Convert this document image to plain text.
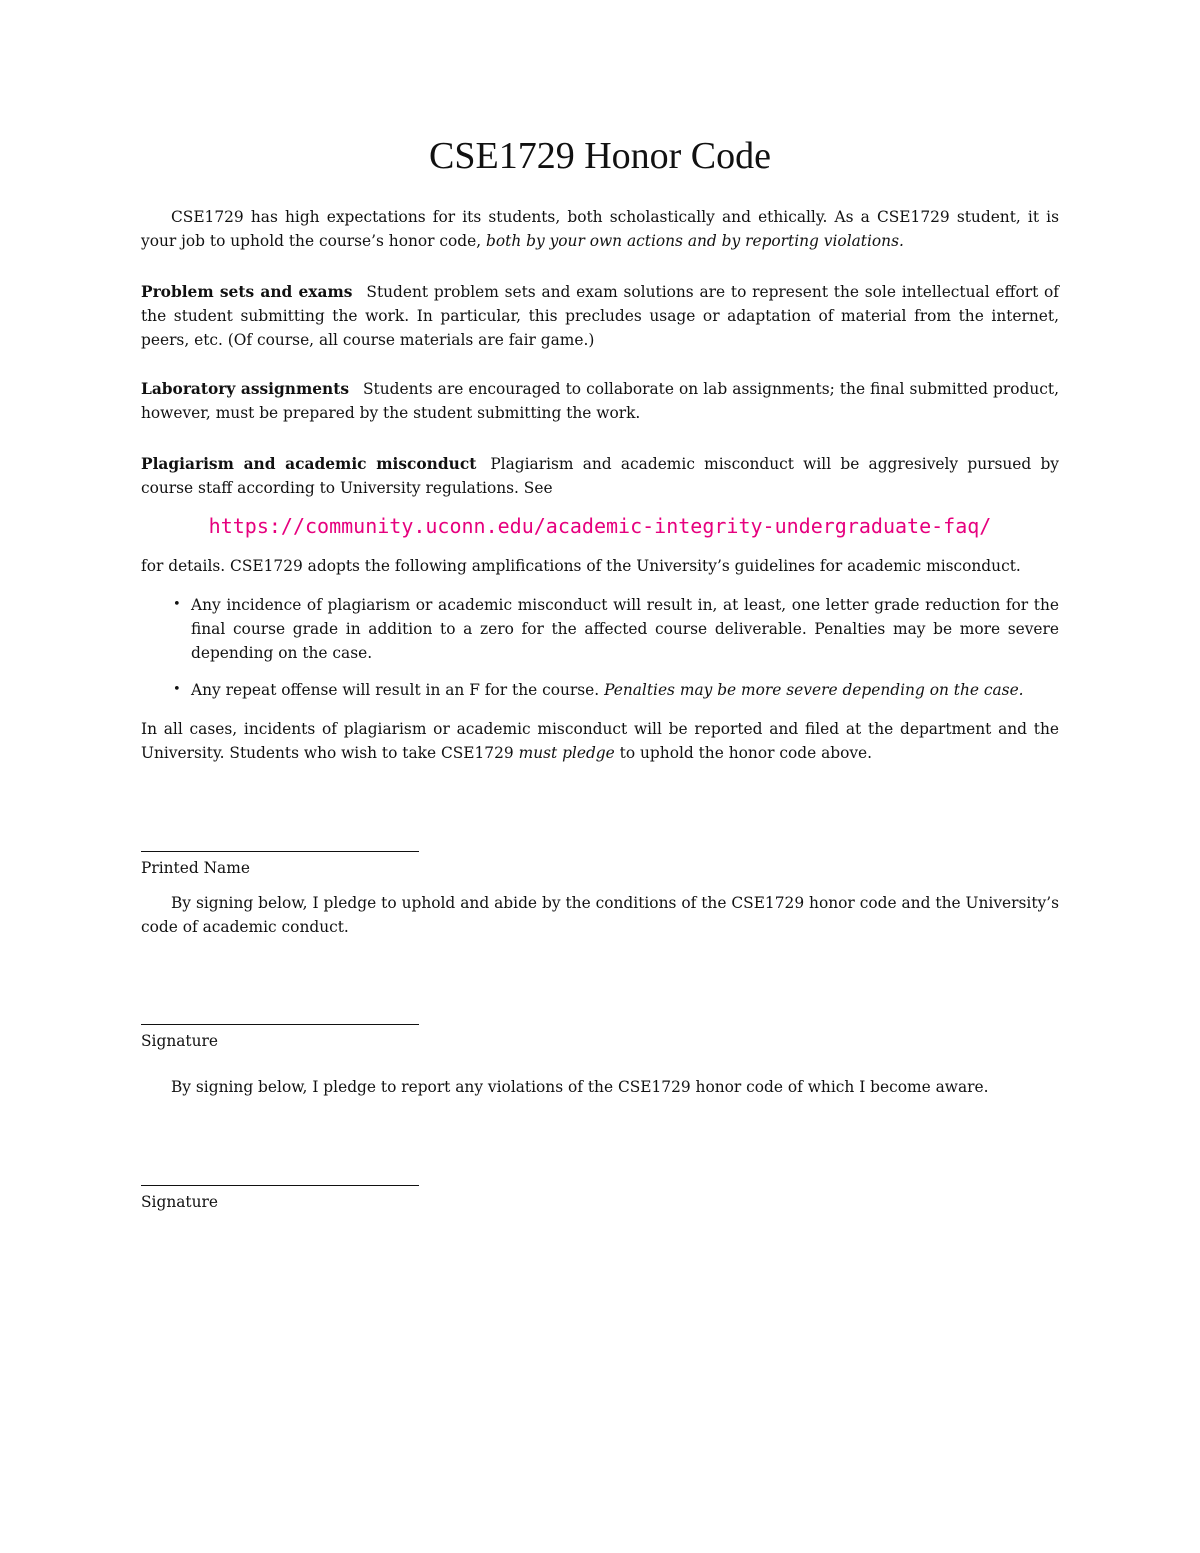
CSE1729 Honor Code

CSE1729 has high expectations for its students, both scholastically and ethically. As a CSE1729 student, it is your job to uphold the course’s honor code, both by your own actions and by reporting violations.

Problem sets and exams Student problem sets and exam solutions are to represent the sole intellectual effort of the student submitting the work. In particular, this precludes usage or adaptation of material from the internet, peers, etc. (Of course, all course materials are fair game.)

Laboratory assignments Students are encouraged to collaborate on lab assignments; the final submitted product, however, must be prepared by the student submitting the work.

Plagiarism and academic misconduct Plagiarism and academic misconduct will be aggresively pursued by course staff according to University regulations. See

https://community.uconn.edu/academic-integrity-undergraduate-faq/

for details. CSE1729 adopts the following amplifications of the University’s guidelines for academic misconduct.

• Any incidence of plagiarism or academic misconduct will result in, at least, one letter grade reduction for the final course grade in addition to a zero for the affected course deliverable. Penalties may be more severe depending on the case.
• Any repeat offense will result in an F for the course. Penalties may be more severe depending on the case.

In all cases, incidents of plagiarism or academic misconduct will be reported and filed at the department and the University. Students who wish to take CSE1729 must pledge to uphold the honor code above.

Printed Name

By signing below, I pledge to uphold and abide by the conditions of the CSE1729 honor code and the University’s code of academic conduct.

Signature

By signing below, I pledge to report any violations of the CSE1729 honor code of which I become aware.

Signature
